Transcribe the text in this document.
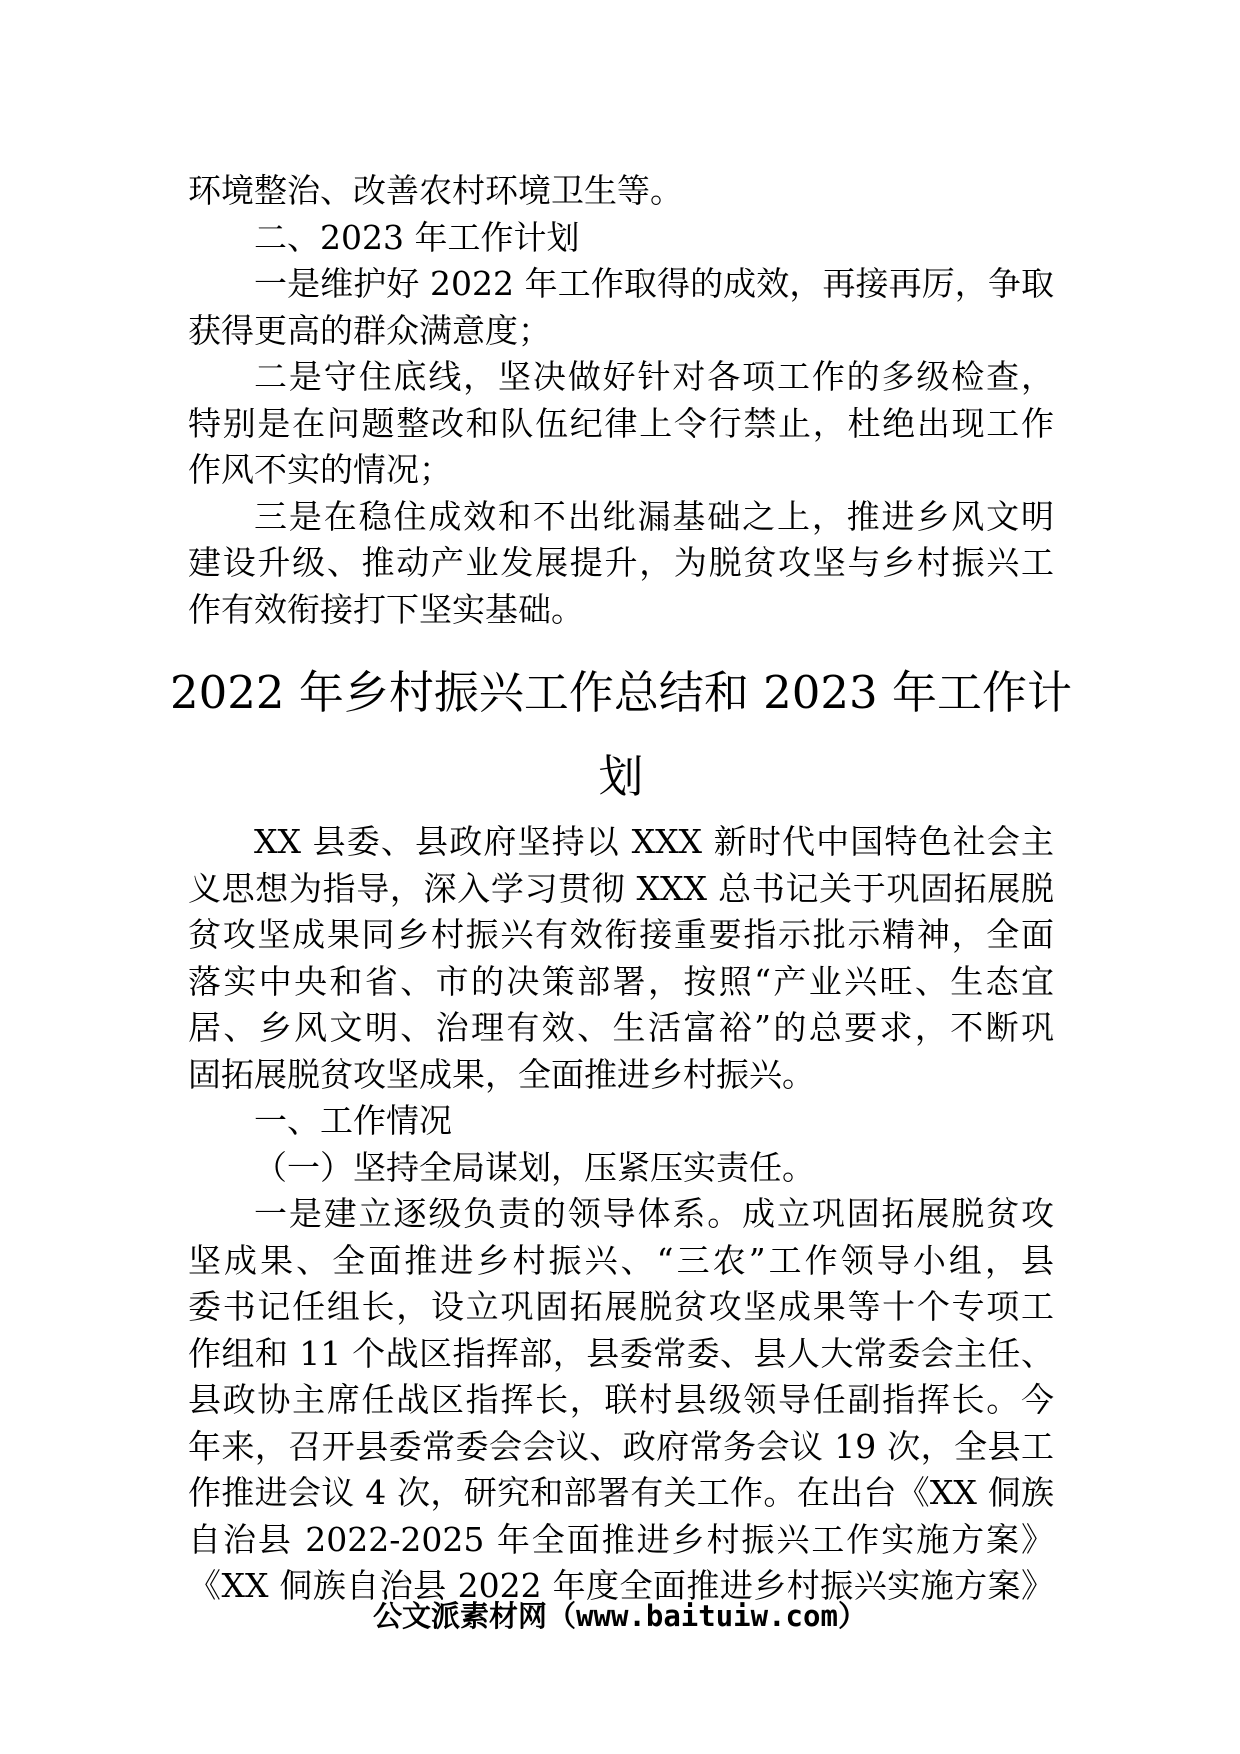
环境整治、改善农村环境卫生等。
二、2023 年工作计划
一是维护好 2022 年工作取得的成效，再接再厉，争取
获得更高的群众满意度；
二是守住底线，坚决做好针对各项工作的多级检查，
特别是在问题整改和队伍纪律上令行禁止，杜绝出现工作
作风不实的情况；
三是在稳住成效和不出纰漏基础之上，推进乡风文明
建设升级、推动产业发展提升，为脱贫攻坚与乡村振兴工
作有效衔接打下坚实基础。
2022 年乡村振兴工作总结和 2023 年工作计
划
XX 县委、县政府坚持以 XXX 新时代中国特色社会主
义思想为指导，深入学习贯彻 XXX 总书记关于巩固拓展脱
贫攻坚成果同乡村振兴有效衔接重要指示批示精神，全面
落实中央和省、市的决策部署，按照“产业兴旺、生态宜
居、乡风文明、治理有效、生活富裕”的总要求，不断巩
固拓展脱贫攻坚成果，全面推进乡村振兴。
一、工作情况
（一）坚持全局谋划，压紧压实责任。
一是建立逐级负责的领导体系。成立巩固拓展脱贫攻
坚成果、全面推进乡村振兴、“三农”工作领导小组，县
委书记任组长，设立巩固拓展脱贫攻坚成果等十个专项工
作组和 11 个战区指挥部，县委常委、县人大常委会主任、
县政协主席任战区指挥长，联村县级领导任副指挥长。今
年来，召开县委常委会会议、政府常务会议 19 次，全县工
作推进会议 4 次，研究和部署有关工作。在出台《XX 侗族
自治县 2022-2025 年全面推进乡村振兴工作实施方案》
《XX 侗族自治县 2022 年度全面推进乡村振兴实施方案》
公文派素材网（www.baituiw.com）
